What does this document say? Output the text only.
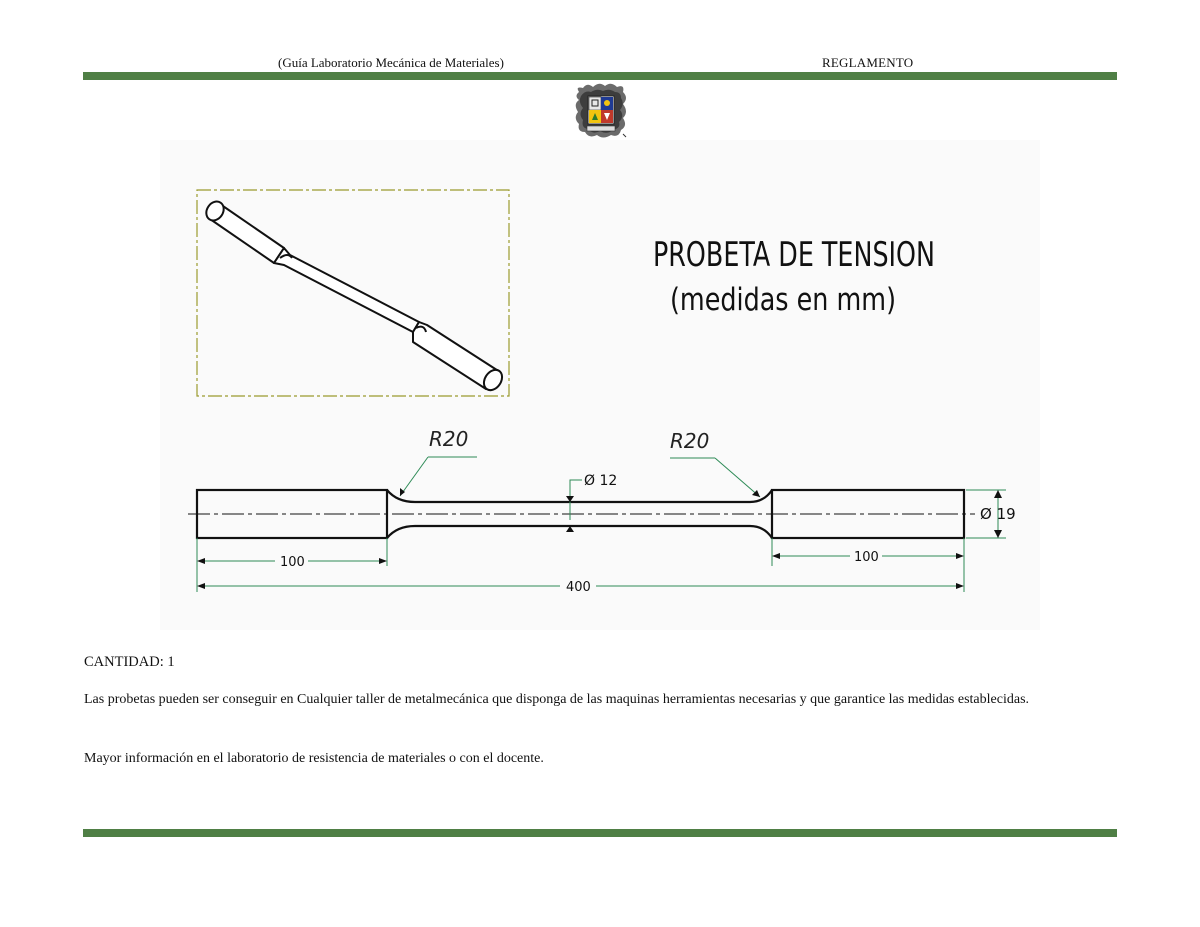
(Guía Laboratorio Mecánica de Materiales)	REGLAMENTO
PROBETA DE TENSION
(medidas en mm)
R20	R20
Ø 12
Ø 19
100	100
400
CANTIDAD: 1
Las probetas pueden ser conseguir en Cualquier taller de metalmecánica que disponga de las maquinas herramientas necesarias y que garantice las medidas establecidas.
Mayor información en el laboratorio de resistencia de materiales o con el docente.
